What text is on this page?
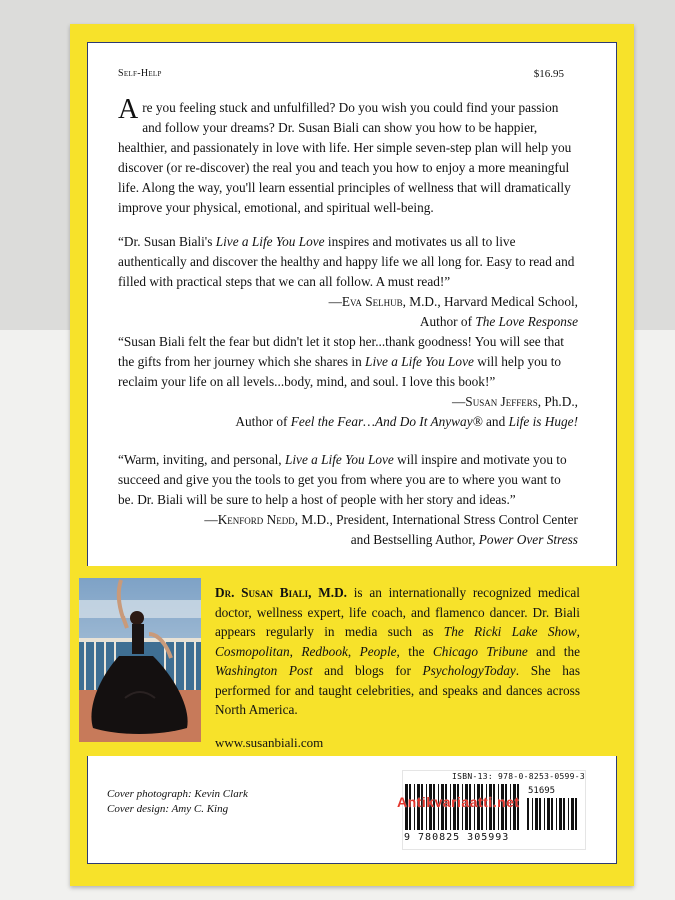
Self-Help	$16.95
Are you feeling stuck and unfulfilled? Do you wish you could find your passion and follow your dreams? Dr. Susan Biali can show you how to be happier, healthier, and passionately in love with life. Her simple seven-step plan will help you discover (or re-discover) the real you and teach you how to enjoy a more meaningful life. Along the way, you'll learn essential principles of wellness that will dramatically improve your physical, emotional, and spiritual well-being.
“Dr. Susan Biali's Live a Life You Love inspires and motivates us all to live authentically and discover the healthy and happy life we all long for. Easy to read and filled with practical steps that we can all follow. A must read!”
—Eva Selhub, M.D., Harvard Medical School,
Author of The Love Response
“Susan Biali felt the fear but didn't let it stop her...thank goodness! You will see that the gifts from her journey which she shares in Live a Life You Love will help you to reclaim your life on all levels...body, mind, and soul. I love this book!”
—Susan Jeffers, Ph.D.,
Author of Feel the Fear…And Do It Anyway® and Life is Huge!
“Warm, inviting, and personal, Live a Life You Love will inspire and motivate you to succeed and give you the tools to get you from where you are to where you want to be. Dr. Biali will be sure to help a host of people with her story and ideas.”
—Kenford Nedd, M.D., President, International Stress Control Center
and Bestselling Author, Power Over Stress
Dr. Susan Biali, M.D. is an internationally recognized medical doctor, wellness expert, life coach, and flamenco dancer. Dr. Biali appears regularly in media such as The Ricki Lake Show, Cosmopolitan, Redbook, People, the Chicago Tribune and the Washington Post and blogs for PsychologyToday. She has performed for and taught celebrities, and speaks and dances across North America.
www.susanbiali.com
Cover photograph: Kevin Clark
Cover design: Amy C. King
ISBN-13: 978-0-8253-0599-3
51695
9 780825 305993
Antikvariaatti.net
